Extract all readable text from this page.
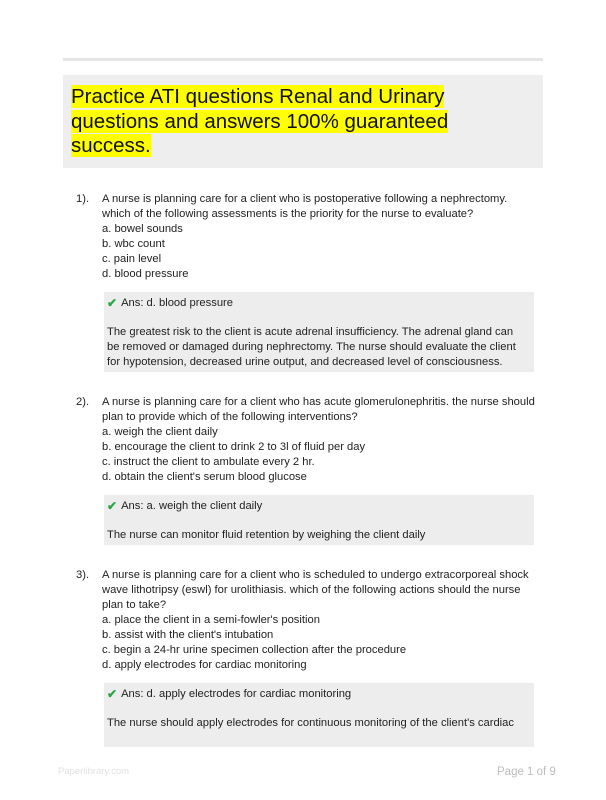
Practice ATI questions Renal and Urinary
questions and answers 100% guaranteed
success.
1). A nurse is planning care for a client who is postoperative following a nephrectomy. which of the following assessments is the priority for the nurse to evaluate?

a. bowel sounds

b. wbc count

c. pain level

d. blood pressure

✔ Ans: d. blood pressure

The greatest risk to the client is acute adrenal insufficiency. The adrenal gland can be removed or damaged during nephrectomy. The nurse should evaluate the client for hypotension, decreased urine output, and decreased level of consciousness.

2). A nurse is planning care for a client who has acute glomerulonephritis. the nurse should plan to provide which of the following interventions?

a. weigh the client daily

b. encourage the client to drink 2 to 3l of fluid per day

c. instruct the client to ambulate every 2 hr.

d. obtain the client's serum blood glucose

✔ Ans: a. weigh the client daily

The nurse can monitor fluid retention by weighing the client daily

3). A nurse is planning care for a client who is scheduled to undergo extracorporeal shock wave lithotripsy (eswl) for urolithiasis. which of the following actions should the nurse plan to take?

a. place the client in a semi-fowler's position

b. assist with the client's intubation

c. begin a 24-hr urine specimen collection after the procedure

d. apply electrodes for cardiac monitoring

✔ Ans: d. apply electrodes for cardiac monitoring

The nurse should apply electrodes for continuous monitoring of the client's cardiac

Paperlibrary.com	Page 1 of 9
